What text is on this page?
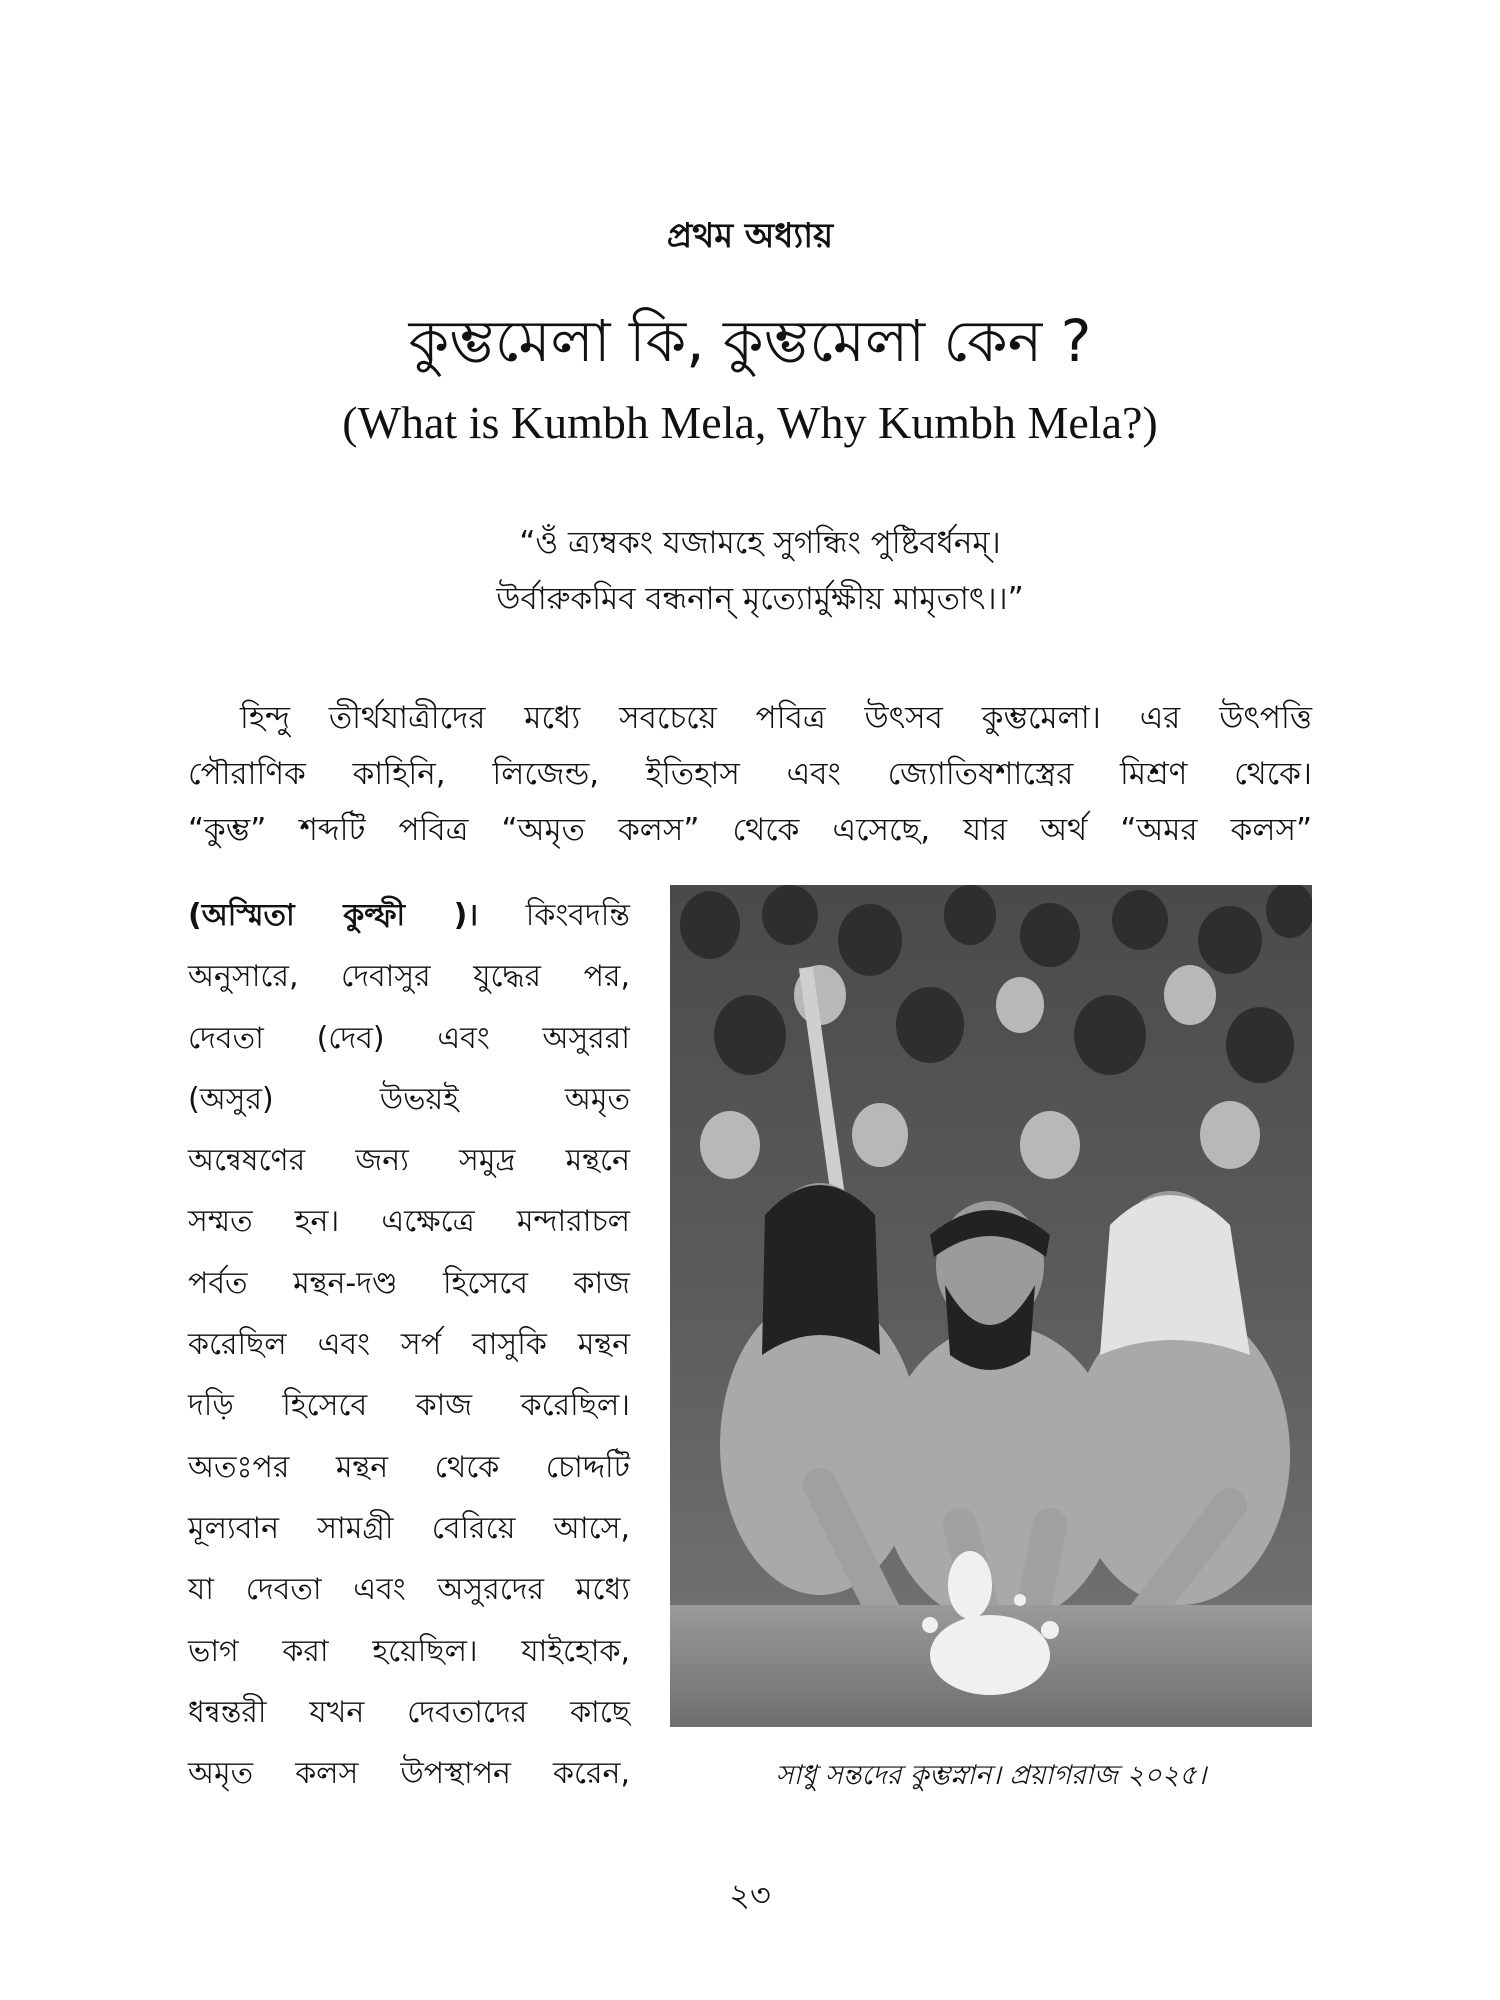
প্রথম অধ্যায়
কুম্ভমেলা কি, কুম্ভমেলা কেন ?
(What is Kumbh Mela, Why Kumbh Mela?)
“ওঁ ত্র্যম্বকং যজামহে সুগন্ধিং পুষ্টিবর্ধনম্।
উর্বারুকমিব বন্ধনান্ মৃত্যোর্মুক্ষীয় মামৃতাৎ।।”
হিন্দু তীর্থযাত্রীদের মধ্যে সবচেয়ে পবিত্র উৎসব কুম্ভমেলা। এর উৎপত্তি
পৌরাণিক কাহিনি, লিজেন্ড, ইতিহাস এবং জ্যোতিষশাস্ত্রের মিশ্রণ থেকে।
“কুম্ভ” শব্দটি পবিত্র “অমৃত কলস” থেকে এসেছে, যার অর্থ “অমর কলস”
(অস্মিতা কুল্ফী )। কিংবদন্তি
অনুসারে, দেবাসুর যুদ্ধের পর,
দেবতা (দেব) এবং অসুররা
(অসুর) উভয়ই অমৃত
অন্বেষণের জন্য সমুদ্র মন্থনে
সম্মত হন। এক্ষেত্রে মন্দারাচল
পর্বত মন্থন-দণ্ড হিসেবে কাজ
করেছিল এবং সর্প বাসুকি মন্থন
দড়ি হিসেবে কাজ করেছিল।
অতঃপর মন্থন থেকে চোদ্দটি
মূল্যবান সামগ্রী বেরিয়ে আসে,
যা দেবতা এবং অসুরদের মধ্যে
ভাগ করা হয়েছিল। যাইহোক,
ধন্বন্তরী যখন দেবতাদের কাছে
অমৃত কলস উপস্থাপন করেন,	সাধু সন্তদের কুম্ভস্নান। প্রয়াগরাজ ২০২৫।
২৩
